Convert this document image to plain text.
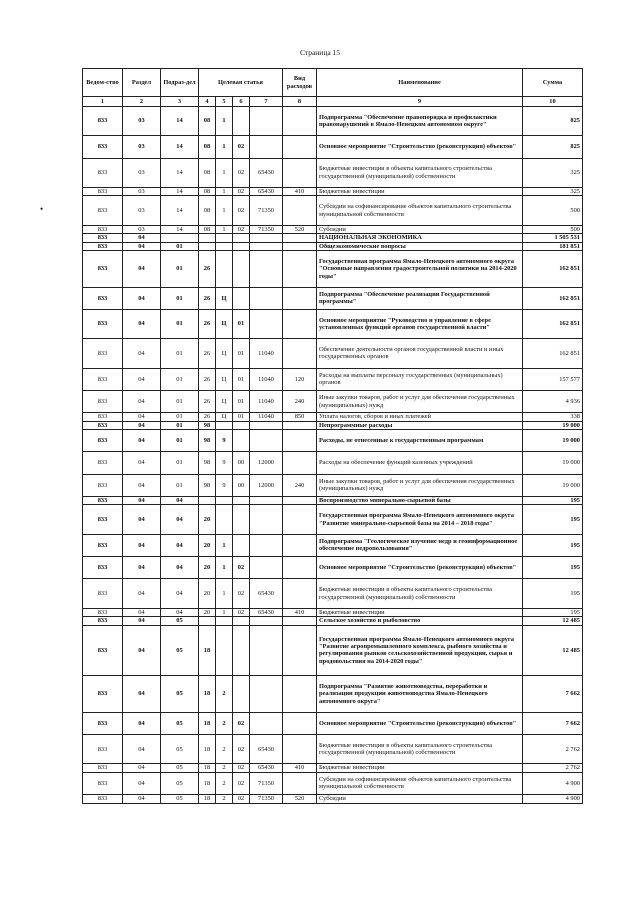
Страница 15
•
Ведом-ство	Раздел	Подраз-дел	Целевая статья				Вид расходов	Наименование	Сумма
1	2	3	4	5	6	7	8	9	10
833	03	14	08	1				Подпрограмма "Обеспечение правопорядка и профилактики правонарушений в Ямало-Ненецком автономном округе"	825
833	03	14	08	1	02			Основное мероприятие "Строительство (реконструкция) объектов"	825
833	03	14	08	1	02	65430		Бюджетные инвестиции в объекты капитального строительства государственной (муниципальной) собственности	325
833	03	14	08	1	02	65430	410	Бюджетные инвестиции	325
833	03	14	08	1	02	71350		Субсидии на софинансирование объектов капитального строительства муниципальной собственности	500
833	03	14	08	1	02	71350	520	Субсидии	500
833	04							НАЦИОНАЛЬНАЯ ЭКОНОМИКА	1 505 531
833	04	01						Общеэкономические вопросы	181 851
833	04	01	26					Государственная программа Ямало-Ненецкого автономного округа "Основные направления градостроительной политики на 2014-2020 годы"	162 851
833	04	01	26	Ц				Подпрограмма "Обеспечение реализации Государственной программы"	162 851
833	04	01	26	Ц	01			Основное мероприятие "Руководство и управление в сфере установленных функций органов государственной власти"	162 851
833	04	01	26	Ц	01	11040		Обеспечение деятельности органов государственной власти и иных государственных органов	162 851
833	04	01	26	Ц	01	11040	120	Расходы на выплаты персоналу государственных (муниципальных) органов	157 577
833	04	01	26	Ц	01	11040	240	Иные закупки товаров, работ и услуг для обеспечения государственных (муниципальных) нужд	4 936
833	04	01	26	Ц	01	11040	850	Уплата налогов, сборов и иных платежей	338
833	04	01	98					Непрограммные расходы	19 000
833	04	01	98	9				Расходы, не отнесенные к государственным программам	19 000
833	04	01	98	9	00	12000		Расходы на обеспечение функций казенных учреждений	19 000
833	04	01	98	9	00	12000	240	Иные закупки товаров, работ и услуг для обеспечения государственных (муниципальных) нужд	19 000
833	04	04						Воспроизводство минерально-сырьевой базы	195
833	04	04	20					Государственная программа Ямало-Ненецкого автономного округа "Развитие минерально-сырьевой базы на 2014 – 2018 годы"	195
833	04	04	20	1				Подпрограмма "Геологическое изучение недр и геоинформационное обеспечение недропользования"	195
833	04	04	20	1	02			Основное мероприятие "Строительство (реконструкция) объектов"	195
833	04	04	20	1	02	65430		Бюджетные инвестиции в объекты капитального строительства государственной (муниципальной) собственности	195
833	04	04	20	1	02	65430	410	Бюджетные инвестиции	195
833	04	05						Сельское хозяйство и рыболовство	12 485
833	04	05	18					Государственная программа Ямало-Ненецкого автономного округа "Развитие агропромышленного комплекса, рыбного хозяйства и регулирования рынков сельскохозяйственной продукции, сырья и продовольствия на 2014-2020 годы"	12 485
833	04	05	18	2				Подпрограмма "Развитие животноводства, переработки и реализации продукции животноводства Ямало-Ненецкого автономного округа"	7 662
833	04	05	18	2	02			Основное мероприятие "Строительство (реконструкция) объектов"	7 662
833	04	05	18	2	02	65430		Бюджетные инвестиции в объекты капитального строительства государственной (муниципальной) собственности	2 762
833	04	05	18	2	02	65430	410	Бюджетные инвестиции	2 762
833	04	05	18	2	02	71350		Субсидии на софинансирование объектов капитального строительства муниципальной собственности	4 900
833	04	05	18	2	02	71350	520	Субсидии	4 900
